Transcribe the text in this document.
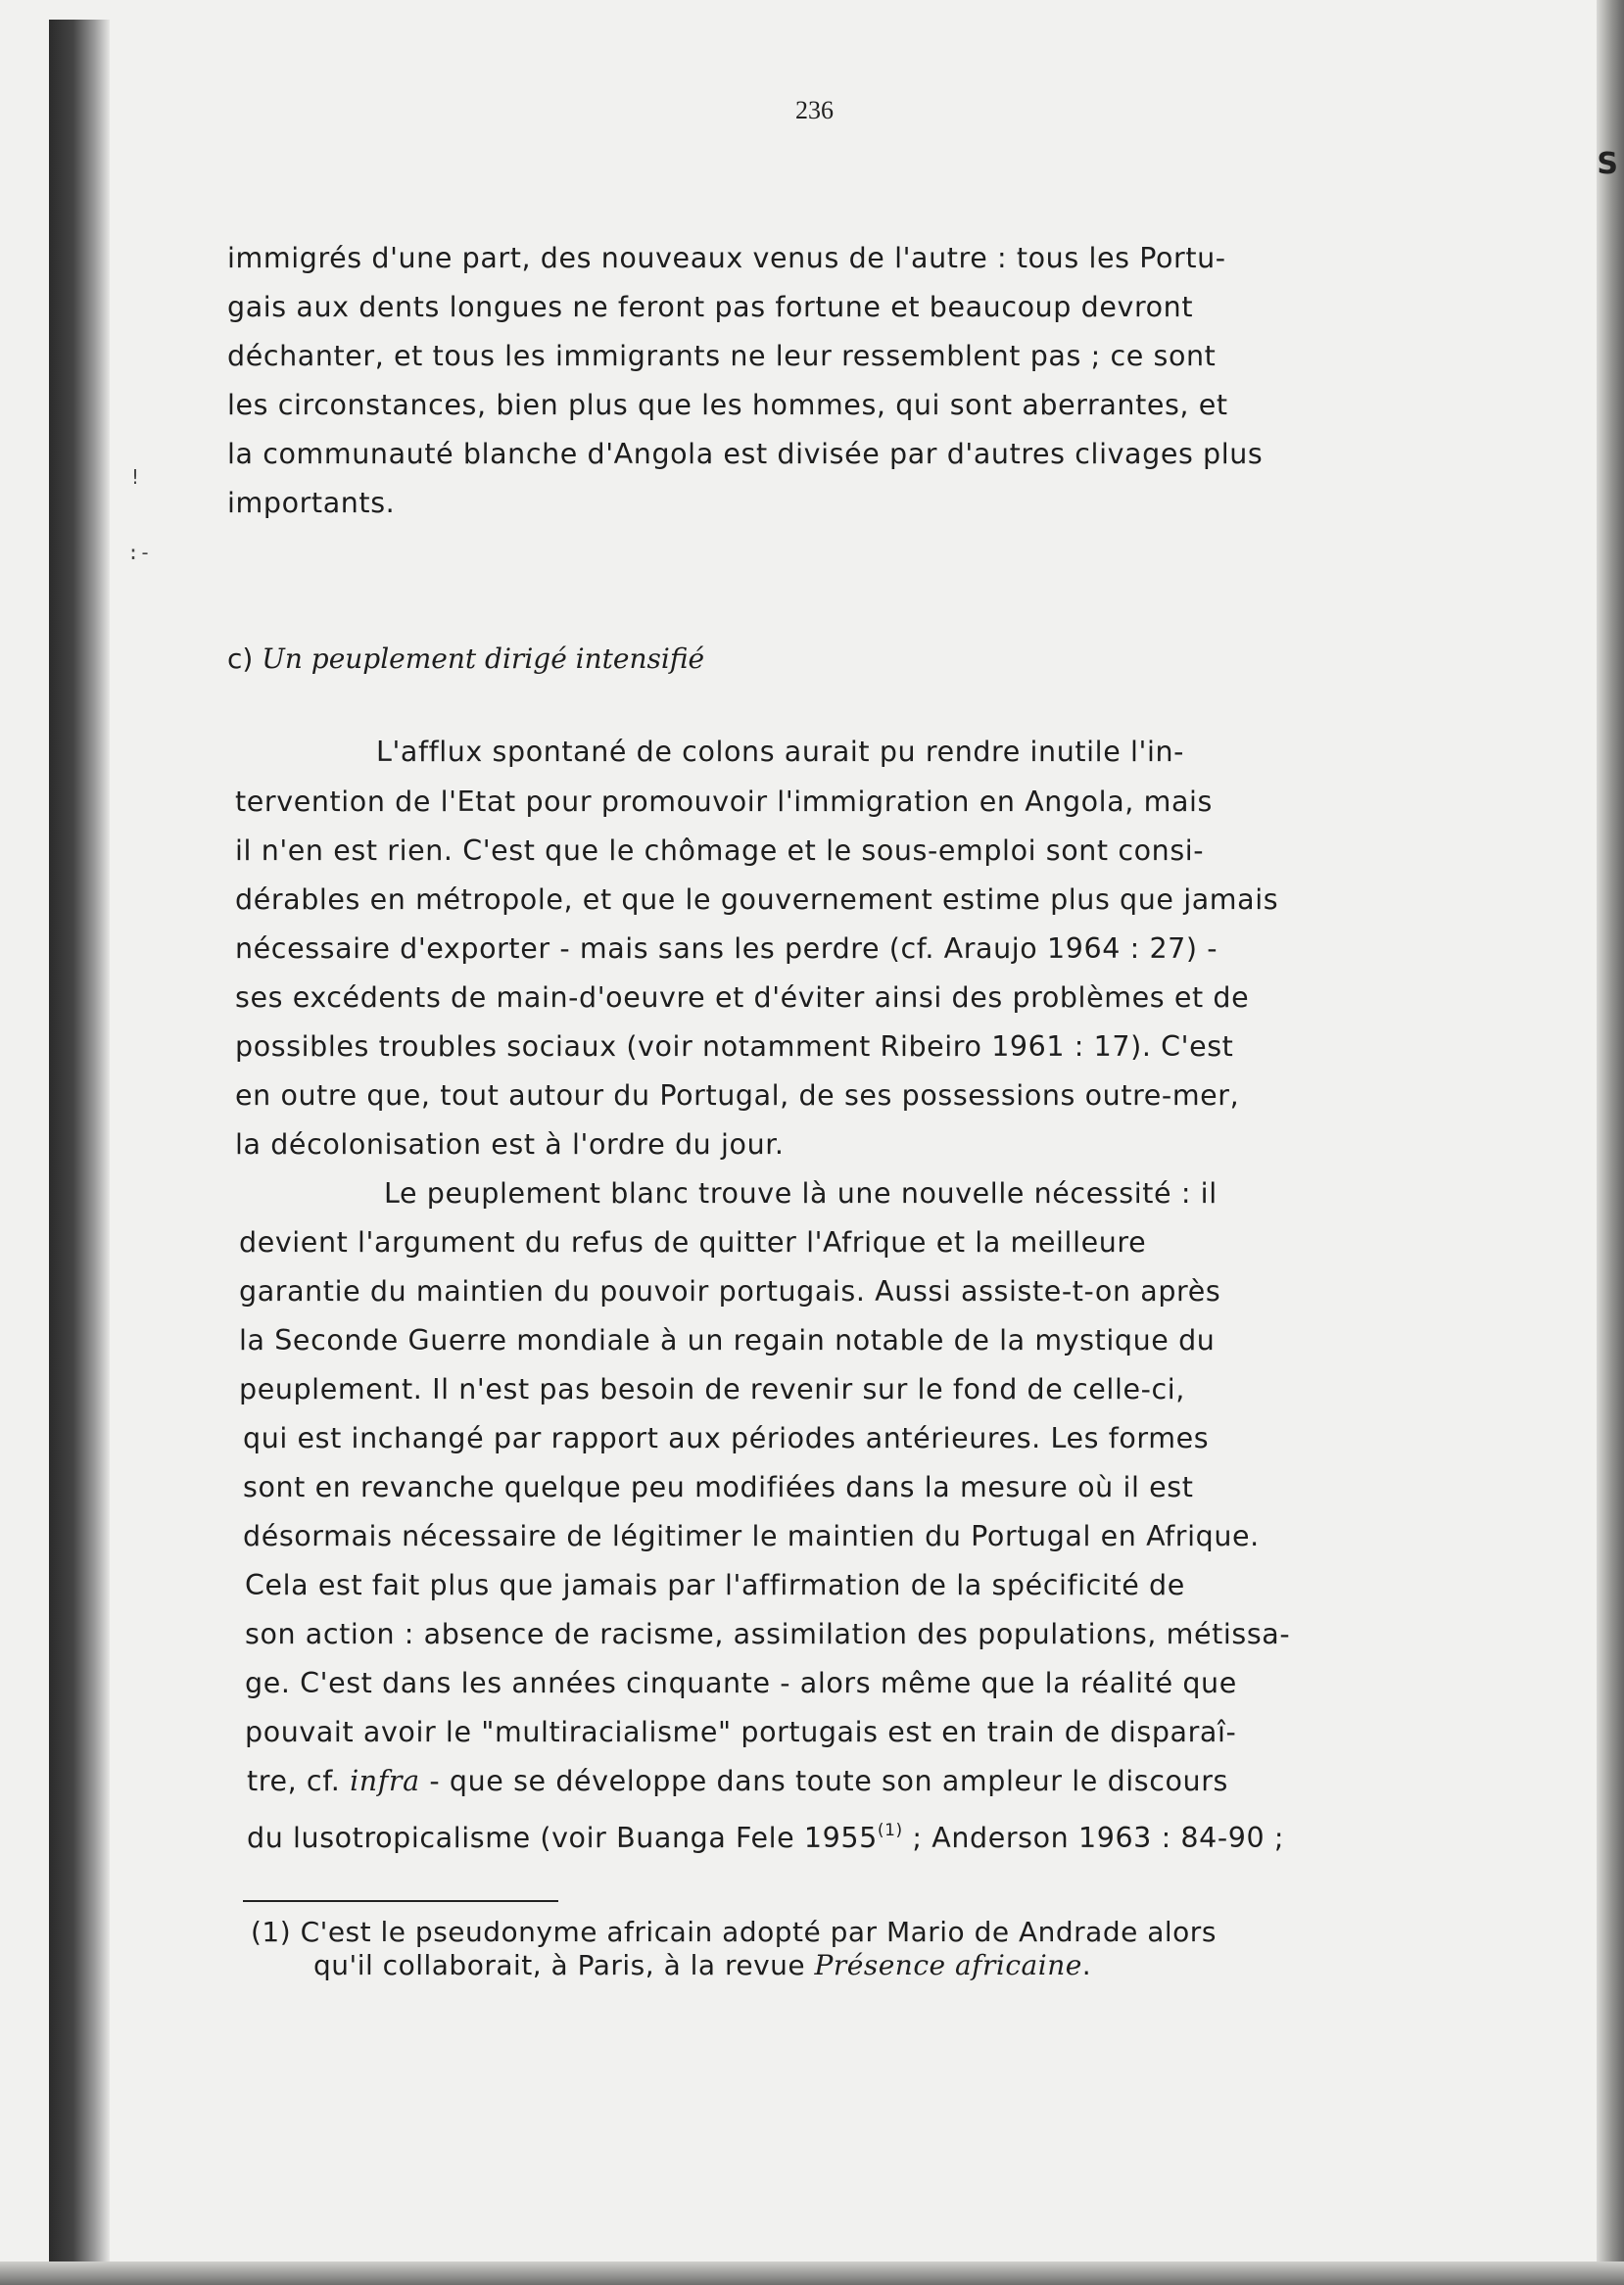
S
!
:-
236
immigrés d'une part, des nouveaux venus de l'autre : tous les Portu-
gais aux dents longues ne feront pas fortune et beaucoup devront
déchanter, et tous les immigrants ne leur ressemblent pas ; ce sont
les circonstances, bien plus que les hommes, qui sont aberrantes, et
la communauté blanche d'Angola est divisée par d'autres clivages plus
importants.
c) Un peuplement dirigé intensifié
L'afflux spontané de colons aurait pu rendre inutile l'in-
tervention de l'Etat pour promouvoir l'immigration en Angola, mais
il n'en est rien. C'est que le chômage et le sous-emploi sont consi-
dérables en métropole, et que le gouvernement estime plus que jamais
nécessaire d'exporter - mais sans les perdre (cf. Araujo 1964 : 27) -
ses excédents de main-d'oeuvre et d'éviter ainsi des problèmes et de
possibles troubles sociaux (voir notamment Ribeiro 1961 : 17). C'est
en outre que, tout autour du Portugal, de ses possessions outre-mer,
la décolonisation est à l'ordre du jour.
Le peuplement blanc trouve là une nouvelle nécessité : il
devient l'argument du refus de quitter l'Afrique et la meilleure
garantie du maintien du pouvoir portugais. Aussi assiste-t-on après
la Seconde Guerre mondiale à un regain notable de la mystique du
peuplement. Il n'est pas besoin de revenir sur le fond de celle-ci,
qui est inchangé par rapport aux périodes antérieures. Les formes
sont en revanche quelque peu modifiées dans la mesure où il est
désormais nécessaire de légitimer le maintien du Portugal en Afrique.
Cela est fait plus que jamais par l'affirmation de la spécificité de
son action : absence de racisme, assimilation des populations, métissa-
ge. C'est dans les années cinquante - alors même que la réalité que
pouvait avoir le "multiracialisme" portugais est en train de disparaî-
tre, cf. infra - que se développe dans toute son ampleur le discours
du lusotropicalisme (voir Buanga Fele 1955$^{(1)}$ ; Anderson 1963 : 84-90 ;
(1) C'est le pseudonyme africain adopté par Mario de Andrade alors
qu'il collaborait, à Paris, à la revue Présence africaine.
